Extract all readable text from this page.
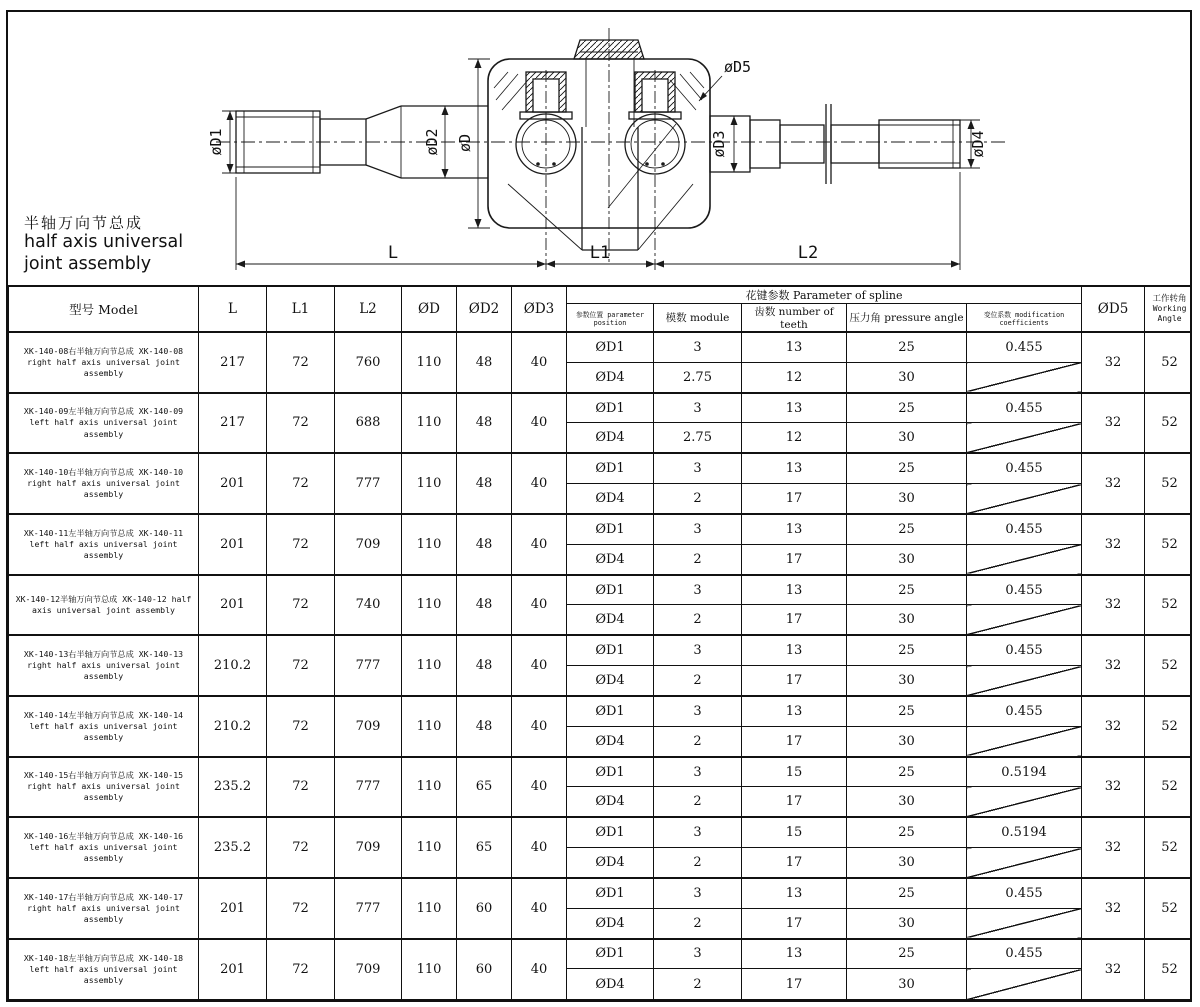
øD1	øD2 øD	øD3	øD4
øD5
L	L1	L2
半轴万向节总成
half axis universal
joint assembly
型号 Model	L	L1	L2	ØD	ØD2	ØD3	花键参数 Parameter of spline					ØD5	工作转角
Working Angle
							参数位置 parameter position	模数 module	齿数 number of teeth	压力角 pressure angle	变位系数 modification coefficients		
XK-140-08右半轴万向节总成 XK-140-08 right half axis universal joint assembly	217	72	760	110	48	40	ØD1	3	13	25	0.455	32	52
							ØD4	2.75	12	30			
XK-140-09左半轴万向节总成 XK-140-09 left half axis universal joint assembly	217	72	688	110	48	40	ØD1	3	13	25	0.455	32	52
							ØD4	2.75	12	30			
XK-140-10右半轴万向节总成 XK-140-10 right half axis universal joint assembly	201	72	777	110	48	40	ØD1	3	13	25	0.455	32	52
							ØD4	2	17	30			
XK-140-11左半轴万向节总成 XK-140-11 left half axis universal joint assembly	201	72	709	110	48	40	ØD1	3	13	25	0.455	32	52
							ØD4	2	17	30			
XK-140-12半轴万向节总成 XK-140-12 half axis universal joint assembly	201	72	740	110	48	40	ØD1	3	13	25	0.455	32	52
							ØD4	2	17	30			
XK-140-13右半轴万向节总成 XK-140-13 right half axis universal joint assembly	210.2	72	777	110	48	40	ØD1	3	13	25	0.455	32	52
							ØD4	2	17	30			
XK-140-14左半轴万向节总成 XK-140-14 left half axis universal joint assembly	210.2	72	709	110	48	40	ØD1	3	13	25	0.455	32	52
							ØD4	2	17	30			
XK-140-15右半轴万向节总成 XK-140-15 right half axis universal joint assembly	235.2	72	777	110	65	40	ØD1	3	15	25	0.5194	32	52
							ØD4	2	17	30			
XK-140-16左半轴万向节总成 XK-140-16 left half axis universal joint assembly	235.2	72	709	110	65	40	ØD1	3	15	25	0.5194	32	52
							ØD4	2	17	30			
XK-140-17右半轴万向节总成 XK-140-17 right half axis universal joint assembly	201	72	777	110	60	40	ØD1	3	13	25	0.455	32	52
							ØD4	2	17	30			
XK-140-18左半轴万向节总成 XK-140-18 left half axis universal joint assembly	201	72	709	110	60	40	ØD1	3	13	25	0.455	32	52
							ØD4	2	17	30			
